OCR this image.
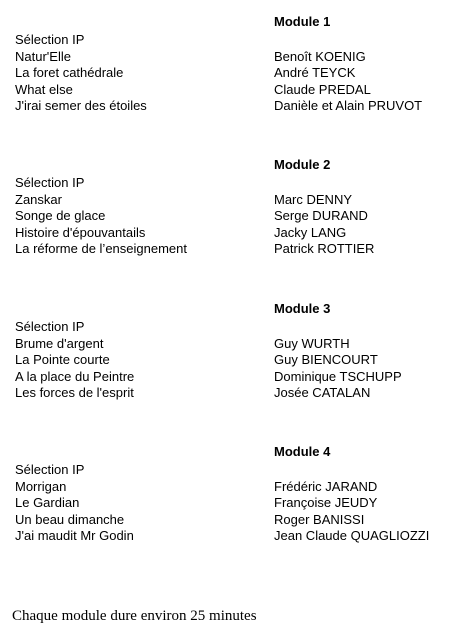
Module 1
Sélection IP
Natur'Elle
La foret cathédrale
What else
J'irai semer des étoiles
Benoît KOENIG
André TEYCK
Claude PREDAL
Danièle et Alain PRUVOT
Module 2
Sélection IP
Zanskar
Songe de glace
Histoire d'épouvantails
La réforme de l’enseignement
Marc DENNY
Serge DURAND
Jacky LANG
Patrick ROTTIER
Module 3
Sélection IP
Brume d'argent
La Pointe courte
A la place du Peintre
Les forces de l'esprit
Guy WURTH
Guy BIENCOURT
Dominique TSCHUPP
Josée CATALAN
Module 4
Sélection IP
Morrigan
Le Gardian
Un beau dimanche
J'ai maudit Mr Godin
Frédéric JARAND
Françoise JEUDY
Roger BANISSI
Jean Claude QUAGLIOZZI
Chaque module dure environ 25 minutes
